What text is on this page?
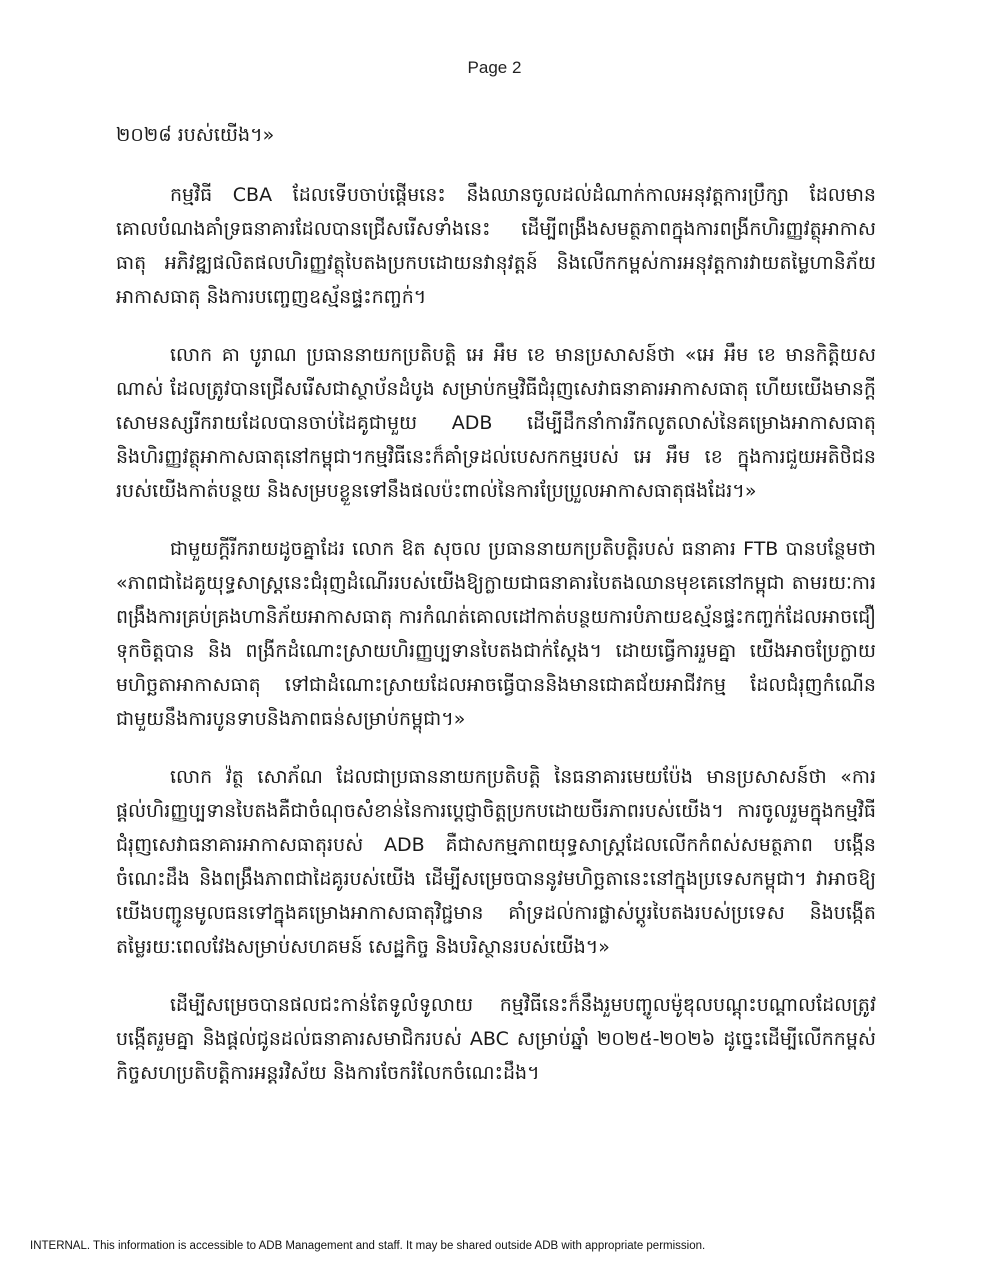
Page 2

២០២៨ របស់យើង។»

កម្មវិធី CBA ដែលទើបចាប់ផ្ដើមនេះ នឹងឈានចូលដល់ដំណាក់កាលអនុវត្តការប្រឹក្សា ដែលមានគោលបំណងគាំទ្រធនាគារដែលបានជ្រើសរើសទាំងនេះ ដើម្បីពង្រឹងសមត្ថភាពក្នុងការពង្រីកហិរញ្ញវត្ថុអាកាសធាតុ អភិវឌ្ឍផលិតផលហិរញ្ញវត្ថុបៃតងប្រកបដោយនវានុវត្តន៍ និងលើកកម្ពស់ការអនុវត្តការវាយតម្លៃហានិភ័យអាកាសធាតុ និងការបញ្ចេញឧស្ម័នផ្ទះកញ្ចក់។

លោក គា បូរាណ ប្រធាននាយកប្រតិបត្តិ អេ អឹម ខេ មានប្រសាសន៍ថា «អេ អឹម ខេ មានកិត្តិយសណាស់ ដែលត្រូវបានជ្រើសរើសជាស្ថាប័នដំបូង សម្រាប់កម្មវិធីជំរុញសេវាធនាគារអាកាសធាតុ ហើយយើងមានក្ដីសោមនស្សរីករាយដែលបានចាប់ដៃគូជាមួយ ADB ដើម្បីដឹកនាំការរីកលូតលាស់នៃគម្រោងអាកាសធាតុ និងហិរញ្ញវត្ថុអាកាសធាតុនៅកម្ពុជា។កម្មវិធីនេះក៏គាំទ្រដល់បេសកកម្មរបស់ អេ អឹម ខេ ក្នុងការជួយអតិថិជនរបស់យើងកាត់បន្ថយ និងសម្របខ្លួនទៅនឹងផលប៉ះពាល់នៃការប្រែប្រួលអាកាសធាតុផងដែរ។»

ជាមួយក្ដីរីករាយដូចគ្នាដែរ លោក ឱត សុចល ប្រធាននាយកប្រតិបត្តិរបស់ ធនាគារ FTB បានបន្ថែមថា «ភាពជាដៃគូយុទ្ធសាស្ត្រនេះជំរុញដំណើររបស់យើងឱ្យក្លាយជាធនាគារបៃតងឈានមុខគេនៅកម្ពុជា តាមរយៈការពង្រឹងការគ្រប់គ្រងហានិភ័យអាកាសធាតុ ការកំណត់គោលដៅកាត់បន្ថយការបំភាយឧស្ម័នផ្ទះកញ្ចក់ដែលអាចជឿទុកចិត្តបាន និង ពង្រីកដំណោះស្រាយហិរញ្ញប្បទានបៃតងជាក់ស្ដែង។ ដោយធ្វើការរួមគ្នា យើងអាចប្រែក្លាយមហិច្ឆតាអាកាសធាតុ ទៅជាដំណោះស្រាយដែលអាចធ្វើបាននិងមានជោគជ័យអាជីវកម្ម ដែលជំរុញកំណើនជាមួយនឹងការបូនទាបនិងភាពធន់សម្រាប់កម្ពុជា។»

លោក វ៉ត្ថ សោភ័ណ ដែលជាប្រធាននាយកប្រតិបត្តិ នៃធនាគារមេយប៉ែង មានប្រសាសន៍ថា «ការផ្ដល់ហិរញ្ញប្បទានបៃតងគឺជាចំណុចសំខាន់នៃការប្ដេជ្ញាចិត្តប្រកបដោយចីរភាពរបស់យើង។ ការចូលរួមក្នុងកម្មវិធីជំរុញសេវាធនាគារអាកាសធាតុរបស់ ADB គឺជាសកម្មភាពយុទ្ធសាស្ត្រដែលលើកកំពស់សមត្ថភាព បង្កើនចំណេះដឹង និងពង្រឹងភាពជាដៃគូរបស់យើង ដើម្បីសម្រេចបាននូវមហិច្ឆតានេះនៅក្នុងប្រទេសកម្ពុជា។ វាអាចឱ្យយើងបញ្ជូនមូលធនទៅក្នុងគម្រោងអាកាសធាតុវិជ្ជមាន គាំទ្រដល់ការផ្លាស់ប្ដូរបៃតងរបស់ប្រទេស និងបង្កើតតម្លៃរយៈពេលវែងសម្រាប់សហគមន៍ សេដ្ឋកិច្ច និងបរិស្ថានរបស់យើង។»

ដើម្បីសម្រេចបានផលជះកាន់តែទូលំទូលាយ កម្មវិធីនេះក៏នឹងរួមបញ្ចូលម៉ូឌុលបណ្ដុះបណ្ដាលដែលត្រូវបង្កើតរួមគ្នា និងផ្ដល់ជូនដល់ធនាគារសមាជិករបស់ ABC សម្រាប់ឆ្នាំ ២០២៥-២០២៦ ដូច្នេះដើម្បីលើកកម្ពស់កិច្ចសហប្រតិបត្តិការអន្តរវិស័យ និងការចែករំលែកចំណេះដឹង។

INTERNAL. This information is accessible to ADB Management and staff. It may be shared outside ADB with appropriate permission.
